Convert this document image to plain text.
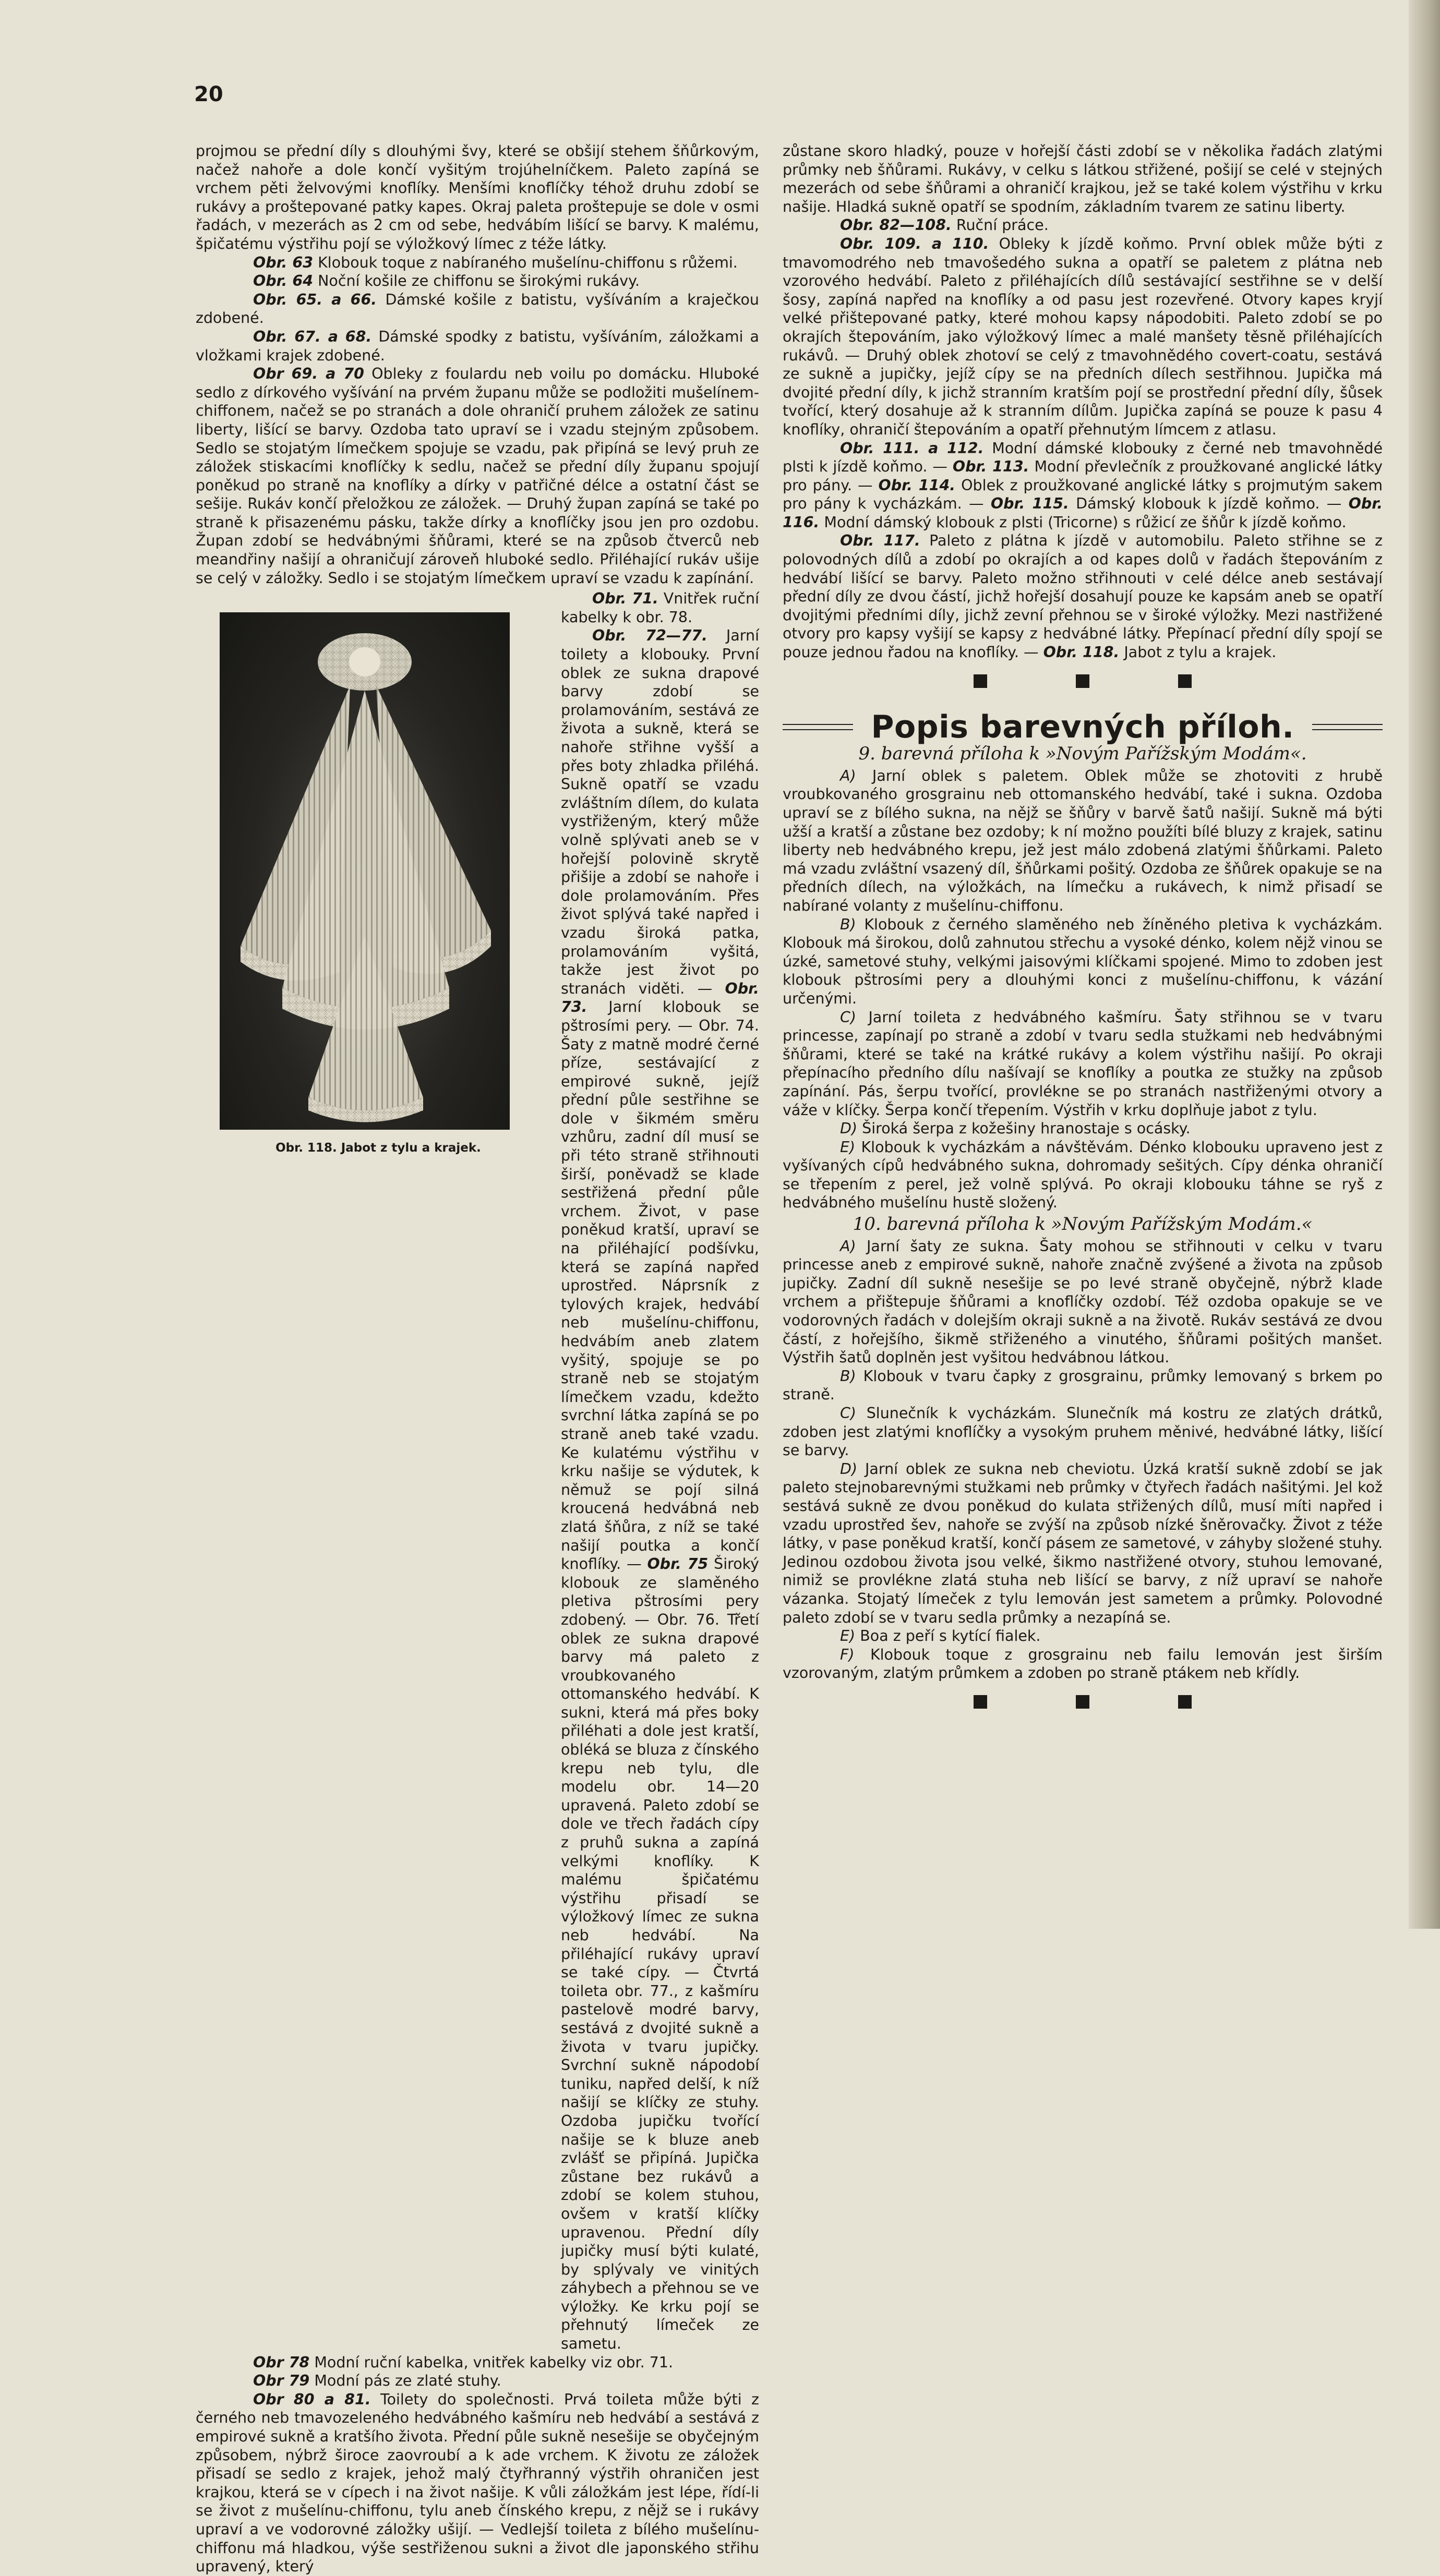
20

projmou se přední díly s dlouhými švy, které se obšijí stehem šňůrkovým, načež nahoře a dole končí vyšitým trojúhelníčkem. Paleto zapíná se vrchem pěti želvovými knoflíky. Menšími knoflíčky téhož druhu zdobí se rukávy a proštepované patky kapes. Okraj paleta proštepuje se dole v osmi řadách, v mezerách as 2 cm od sebe, hedvábím lišící se barvy. K malému, špičatému výstřihu pojí se výložkový límec z téže látky.

Obr. 63 Klobouk toque z nabíraného mušelínu-chiffonu s růžemi.

Obr. 64 Noční košile ze chiffonu se širokými rukávy.

Obr. 65. a 66. Dámské košile z batistu, vyšíváním a kraječkou zdobené.

Obr. 67. a 68. Dámské spodky z batistu, vyšíváním, záložkami a vložkami krajek zdobené.

Obr 69. a 70 Obleky z foulardu neb voilu po domácku. Hluboké sedlo z dírkového vyšívání na prvém županu může se podložiti mušelínem-chiffonem, načež se po stranách a dole ohraničí pruhem záložek ze satinu liberty, lišící se barvy. Ozdoba tato upraví se i vzadu stejným způsobem. Sedlo se stojatým límečkem spojuje se vzadu, pak připíná se levý pruh ze záložek stiskacími knoflíčky k sedlu, načež se přední díly županu spojují poněkud po straně na knoflíky a dírky v patřičné délce a ostatní část se sešije. Rukáv končí přeložkou ze záložek. — Druhý župan zapíná se také po straně k přisazenému pásku, takže dírky a knoflíčky jsou jen pro ozdobu. Župan zdobí se hedvábnými šňůrami, které se na způsob čtverců neb meandřiny našijí a ohraničují zároveň hluboké sedlo. Přiléhající rukáv ušije se celý v záložky. Sedlo i se stojatým límečkem upraví se vzadu k zapínání.

Obr. 118. Jabot z tylu a krajek.

Obr. 71. Vnitřek ruční kabelky k obr. 78.

Obr. 72—77. Jarní toilety a klobouky. První oblek ze sukna drapové barvy zdobí se prolamováním, sestává ze života a sukně, která se nahoře střihne vyšší a přes boty zhladka přiléhá. Sukně opatří se vzadu zvláštním dílem, do kulata vystřiženým, který může volně splývati aneb se v hořejší polovině skrytě přišije a zdobí se nahoře i dole prolamováním. Přes život splývá také napřed i vzadu široká patka, prolamováním vyšitá, takže jest život po stranách viděti. — Obr. 73. Jarní klobouk se pštrosími pery. — Obr. 74. Šaty z matně modré černé příze, sestávající z empirové sukně, jejíž přední půle sestřihne se dole v šikmém směru vzhůru, zadní díl musí se při této straně střihnouti širší, poněvadž se klade sestřižená přední půle vrchem. Život, v pase poněkud kratší, upraví se na přiléhající podšívku, která se zapíná napřed uprostřed. Náprsník z tylových krajek, hedvábí neb mušelínu-chiffonu, hedvábím aneb zlatem vyšitý, spojuje se po straně neb se stojatým límečkem vzadu, kdežto svrchní látka zapíná se po straně aneb také vzadu. Ke kulatému výstřihu v krku našije se výdutek, k němuž se pojí silná kroucená hedvábná neb zlatá šňůra, z níž se také našijí poutka a končí knoflíky. — Obr. 75 Široký klobouk ze slaměného pletiva pštrosími pery zdobený. — Obr. 76. Třetí oblek ze sukna drapové barvy má paleto z vroubkovaného ottomanského hedvábí. K sukni, která má přes boky přiléhati a dole jest kratší, obléká se bluza z čínského krepu neb tylu, dle modelu obr. 14—20 upravená. Paleto zdobí se dole ve třech řadách cípy z pruhů sukna a zapíná velkými knoflíky. K malému špičatému výstřihu přisadí se výložkový límec ze sukna neb hedvábí. Na přiléhající rukávy upraví se také cípy. — Čtvrtá toileta obr. 77., z kašmíru pastelově modré barvy, sestává z dvojité sukně a života v tvaru jupičky. Svrchní sukně nápodobí tuniku, napřed delší, k níž našijí se klíčky ze stuhy. Ozdoba jupičku tvořící našije se k bluze aneb zvlášť se připíná. Jupička zůstane bez rukávů a zdobí se kolem stuhou, ovšem v kratší klíčky upravenou. Přední díly jupičky musí býti kulaté, by splývaly ve vinitých záhybech a přehnou se ve výložky. Ke krku pojí se přehnutý límeček ze sametu.

Obr 78 Modní ruční kabelka, vnitřek kabelky viz obr. 71.

Obr 79 Modní pás ze zlaté stuhy.

Obr 80 a 81. Toilety do společnosti. Prvá toileta může býti z černého neb tmavozeleného hedvábného kašmíru neb hedvábí a sestává z empirové sukně a kratšího života. Přední půle sukně nesešije se obyčejným způsobem, nýbrž široce zaovroubí a k ade vrchem. K životu ze záložek přisadí se sedlo z krajek, jehož malý čtyřhranný výstřih ohraničen jest krajkou, která se v cípech i na život našije. K vůli záložkám jest lépe, řídí-li se život z mušelínu-chiffonu, tylu aneb čínského krepu, z nějž se i rukávy upraví a ve vodorovné záložky ušijí. — Vedlejší toileta z bílého mušelínu-chiffonu má hladkou, výše sestřiženou sukni a život dle japonského střihu upravený, který

zůstane skoro hladký, pouze v hořejší části zdobí se v několika řadách zlatými průmky neb šňůrami. Rukávy, v celku s látkou střižené, pošijí se celé v stejných mezerách od sebe šňůrami a ohraničí krajkou, jež se také kolem výstřihu v krku našije. Hladká sukně opatří se spodním, základním tvarem ze satinu liberty.

Obr. 82—108. Ruční práce.

Obr. 109. a 110. Obleky k jízdě koňmo. První oblek může býti z tmavomodrého neb tmavošedého sukna a opatří se paletem z plátna neb vzorového hedvábí. Paleto z přiléhajících dílů sestávající sestřihne se v delší šosy, zapíná napřed na knoflíky a od pasu jest rozevřené. Otvory kapes kryjí velké přištepované patky, které mohou kapsy nápodobiti. Paleto zdobí se po okrajích štepováním, jako výložkový límec a malé manšety těsně přiléhajících rukávů. — Druhý oblek zhotoví se celý z tmavohnědého covert-coatu, sestává ze sukně a jupičky, jejíž cípy se na předních dílech sestřihnou. Jupička má dvojité přední díly, k jichž stranním kratším pojí se prostřední přední díly, šůsek tvořící, který dosahuje až k stranním dílům. Jupička zapíná se pouze k pasu 4 knoflíky, ohraničí štepováním a opatří přehnutým límcem z atlasu.

Obr. 111. a 112. Modní dámské klobouky z černé neb tmavohnědé plsti k jízdě koňmo. — Obr. 113. Modní převlečník z proužkované anglické látky pro pány. — Obr. 114. Oblek z proužkované anglické látky s projmutým sakem pro pány k vycházkám. — Obr. 115. Dámský klobouk k jízdě koňmo. — Obr. 116. Modní dámský klobouk z plsti (Tricorne) s růžicí ze šňůr k jízdě koňmo.

Obr. 117. Paleto z plátna k jízdě v automobilu. Paleto střihne se z polovodných dílů a zdobí po okrajích a od kapes dolů v řadách štepováním z hedvábí lišící se barvy. Paleto možno střihnouti v celé délce aneb sestávají přední díly ze dvou částí, jichž hořejší dosahují pouze ke kapsám aneb se opatří dvojitými předními díly, jichž zevní přehnou se v široké výložky. Mezi nastřižené otvory pro kapsy vyšijí se kapsy z hedvábné látky. Přepínací přední díly spojí se pouze jednou řadou na knoflíky. — Obr. 118. Jabot z tylu a krajek.

Popis barevných příloh.
9. barevná příloha k »Novým Pařížským Modám«.

A) Jarní oblek s paletem. Oblek může se zhotoviti z hrubě vroubkovaného grosgrainu neb ottomanského hedvábí, také i sukna. Ozdoba upraví se z bílého sukna, na nějž se šňůry v barvě šatů našijí. Sukně má býti užší a kratší a zůstane bez ozdoby; k ní možno použíti bílé bluzy z krajek, satinu liberty neb hedvábného krepu, jež jest málo zdobená zlatými šňůrkami. Paleto má vzadu zvláštní vsazený díl, šňůrkami pošitý. Ozdoba ze šňůrek opakuje se na předních dílech, na výložkách, na límečku a rukávech, k nimž přisadí se nabírané volanty z mušelínu-chiffonu.

B) Klobouk z černého slaměného neb žíněného pletiva k vycházkám. Klobouk má širokou, dolů zahnutou střechu a vysoké dénko, kolem nějž vinou se úzké, sametové stuhy, velkými jaisovými klíčkami spojené. Mimo to zdoben jest klobouk pštrosími pery a dlouhými konci z mušelínu-chiffonu, k vázání určenými.

C) Jarní toileta z hedvábného kašmíru. Šaty střihnou se v tvaru princesse, zapínají po straně a zdobí v tvaru sedla stužkami neb hedvábnými šňůrami, které se také na krátké rukávy a kolem výstřihu našijí. Po okraji přepínacího předního dílu našívají se knoflíky a poutka ze stužky na způsob zapínání. Pás, šerpu tvořící, provlékne se po stranách nastřiženými otvory a váže v klíčky. Šerpa končí třepením. Výstřih v krku doplňuje jabot z tylu.

D) Široká šerpa z kožešiny hranostaje s ocásky.

E) Klobouk k vycházkám a návštěvám. Dénko klobouku upraveno jest z vyšívaných cípů hedvábného sukna, dohromady sešitých. Cípy dénka ohraničí se třepením z perel, jež volně splývá. Po okraji klobouku táhne se ryš z hedvábného mušelínu hustě složený.

10. barevná příloha k »Novým Pařížským Modám.«

A) Jarní šaty ze sukna. Šaty mohou se střihnouti v celku v tvaru princesse aneb z empirové sukně, nahoře značně zvýšené a života na způsob jupičky. Zadní díl sukně nesešije se po levé straně obyčejně, nýbrž klade vrchem a přištepuje šňůrami a knoflíčky ozdobí. Též ozdoba opakuje se ve vodorovných řadách v dolejším okraji sukně a na životě. Rukáv sestává ze dvou částí, z hořejšího, šikmě střiženého a vinutého, šňůrami pošitých manšet. Výstřih šatů doplněn jest vyšitou hedvábnou látkou.

B) Klobouk v tvaru čapky z grosgrainu, průmky lemovaný s brkem po straně.

C) Slunečník k vycházkám. Slunečník má kostru ze zlatých drátků, zdoben jest zlatými knoflíčky a vysokým pruhem měnivé, hedvábné látky, lišící se barvy.

D) Jarní oblek ze sukna neb cheviotu. Úzká kratší sukně zdobí se jak paleto stejnobarevnými stužkami neb průmky v čtyřech řadách našitými. Jel kož sestává sukně ze dvou poněkud do kulata střižených dílů, musí míti napřed i vzadu uprostřed šev, nahoře se zvýší na způsob nízké šněrovačky. Život z téže látky, v pase poněkud kratší, končí pásem ze sametové, v záhyby složené stuhy. Jedinou ozdobou života jsou velké, šikmo nastřižené otvory, stuhou lemované, nimiž se provlékne zlatá stuha neb lišící se barvy, z níž upraví se nahoře vázanka. Stojatý límeček z tylu lemován jest sametem a průmky. Polovodné paleto zdobí se v tvaru sedla průmky a nezapíná se.

E) Boa z peří s kytící fialek.

F) Klobouk toque z grosgrainu neb failu lemován jest širším vzorovaným, zlatým průmkem a zdoben po straně ptákem neb křídly.
